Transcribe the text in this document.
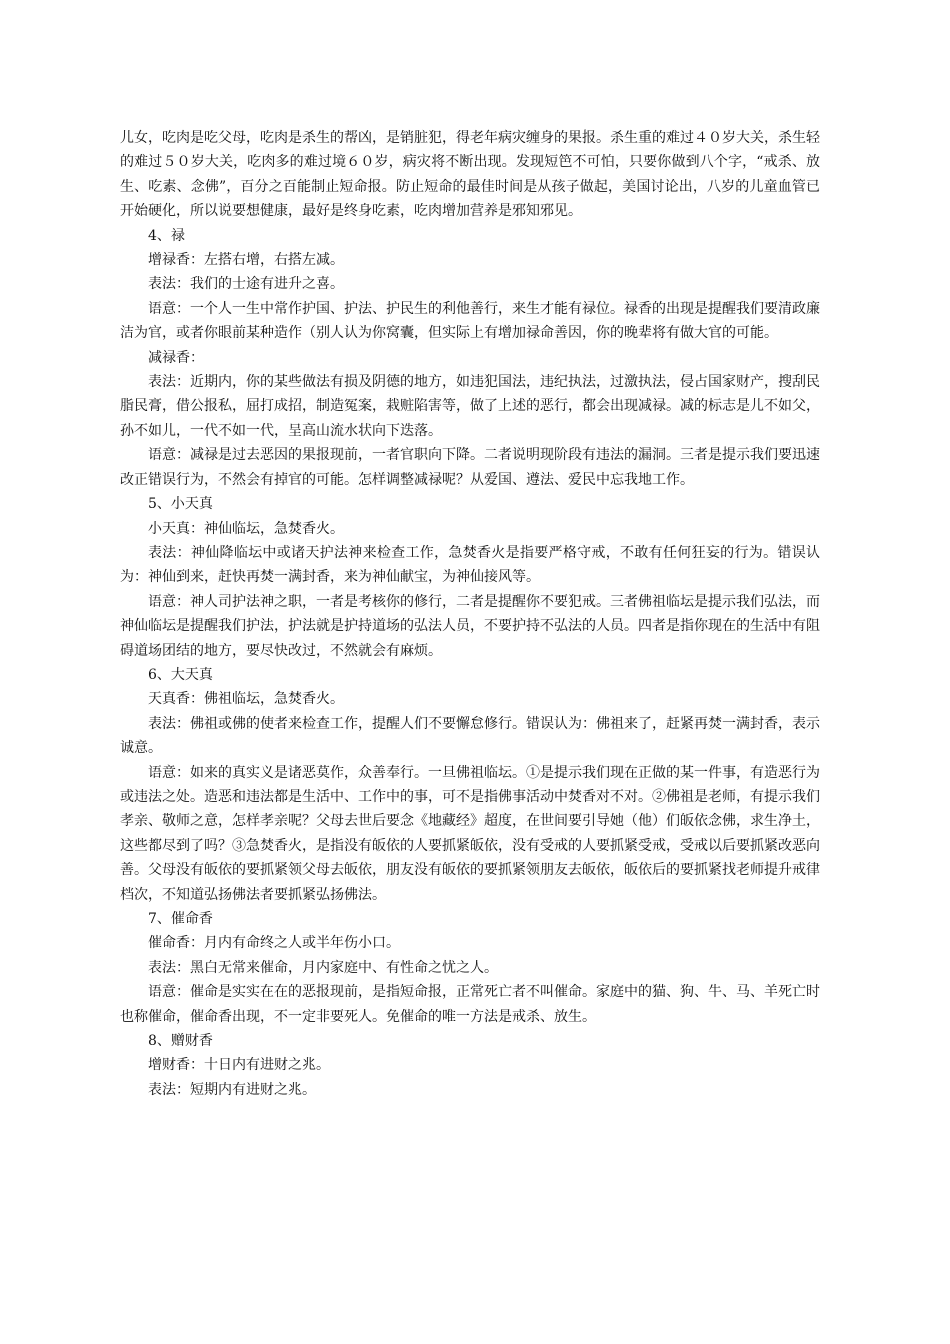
儿女，吃肉是吃父母，吃肉是杀生的帮凶，是销脏犯，得老年病灾缠身的果报。杀生重的难过４０岁大关，杀生轻的难过５０岁大关，吃肉多的难过境６０岁，病灾将不断出现。发现短笆不可怕，只要你做到八个字，“戒杀、放生、吃素、念佛”，百分之百能制止短命报。防止短命的最佳时间是从孩子做起，美国讨论出，八岁的儿童血管已开始硬化，所以说要想健康，最好是终身吃素，吃肉增加营养是邪知邪见。

4、禄

增禄香：左搭右增，右搭左减。

表法：我们的士途有进升之喜。

语意：一个人一生中常作护国、护法、护民生的利他善行，来生才能有禄位。禄香的出现是提醒我们要清政廉洁为官，或者你眼前某种造作（别人认为你窝囊，但实际上有增加禄命善因，你的晚辈将有做大官的可能。

减禄香：

表法：近期内，你的某些做法有损及阴德的地方，如违犯国法，违纪执法，过激执法，侵占国家财产，搜刮民脂民膏，借公报私，屈打成招，制造冤案，栽赃陷害等，做了上述的恶行，都会出现减禄。减的标志是儿不如父，孙不如儿，一代不如一代，呈高山流水状向下迭落。

语意：减禄是过去恶因的果报现前，一者官职向下降。二者说明现阶段有违法的漏洞。三者是提示我们要迅速改正错误行为，不然会有掉官的可能。怎样调整减禄呢？从爱国、遵法、爱民中忘我地工作。

5、小天真

小天真：神仙临坛，急焚香火。

表法：神仙降临坛中或诸天护法神来检查工作，急焚香火是指要严格守戒，不敢有任何狂妄的行为。错误认为：神仙到来，赶快再焚一满封香，来为神仙献宝，为神仙接风等。

语意：神人司护法神之职，一者是考核你的修行，二者是提醒你不要犯戒。三者佛祖临坛是提示我们弘法，而神仙临坛是提醒我们护法，护法就是护持道场的弘法人员，不要护持不弘法的人员。四者是指你现在的生活中有阻碍道场团结的地方，要尽快改过，不然就会有麻烦。

6、大天真

天真香：佛祖临坛，急焚香火。

表法：佛祖或佛的使者来检查工作，提醒人们不要懈怠修行。错误认为：佛祖来了，赶紧再焚一满封香，表示诚意。

语意：如来的真实义是诸恶莫作，众善奉行。一旦佛祖临坛。①是提示我们现在正做的某一件事，有造恶行为或违法之处。造恶和违法都是生活中、工作中的事，可不是指佛事活动中焚香对不对。②佛祖是老师，有提示我们孝亲、敬师之意，怎样孝亲呢？父母去世后要念《地藏经》超度，在世间要引导她（他）们皈依念佛，求生净土，这些都尽到了吗？③急焚香火，是指没有皈依的人要抓紧皈依，没有受戒的人要抓紧受戒，受戒以后要抓紧改恶向善。父母没有皈依的要抓紧领父母去皈依，朋友没有皈依的要抓紧领朋友去皈依，皈依后的要抓紧找老师提升戒律档次，不知道弘扬佛法者要抓紧弘扬佛法。

7、催命香

催命香：月内有命终之人或半年伤小口。

表法：黑白无常来催命，月内家庭中、有性命之忧之人。

语意：催命是实实在在的恶报现前，是指短命报，正常死亡者不叫催命。家庭中的猫、狗、牛、马、羊死亡时也称催命，催命香出现，不一定非要死人。免催命的唯一方法是戒杀、放生。

8、赠财香

增财香：十日内有进财之兆。

表法：短期内有进财之兆。
